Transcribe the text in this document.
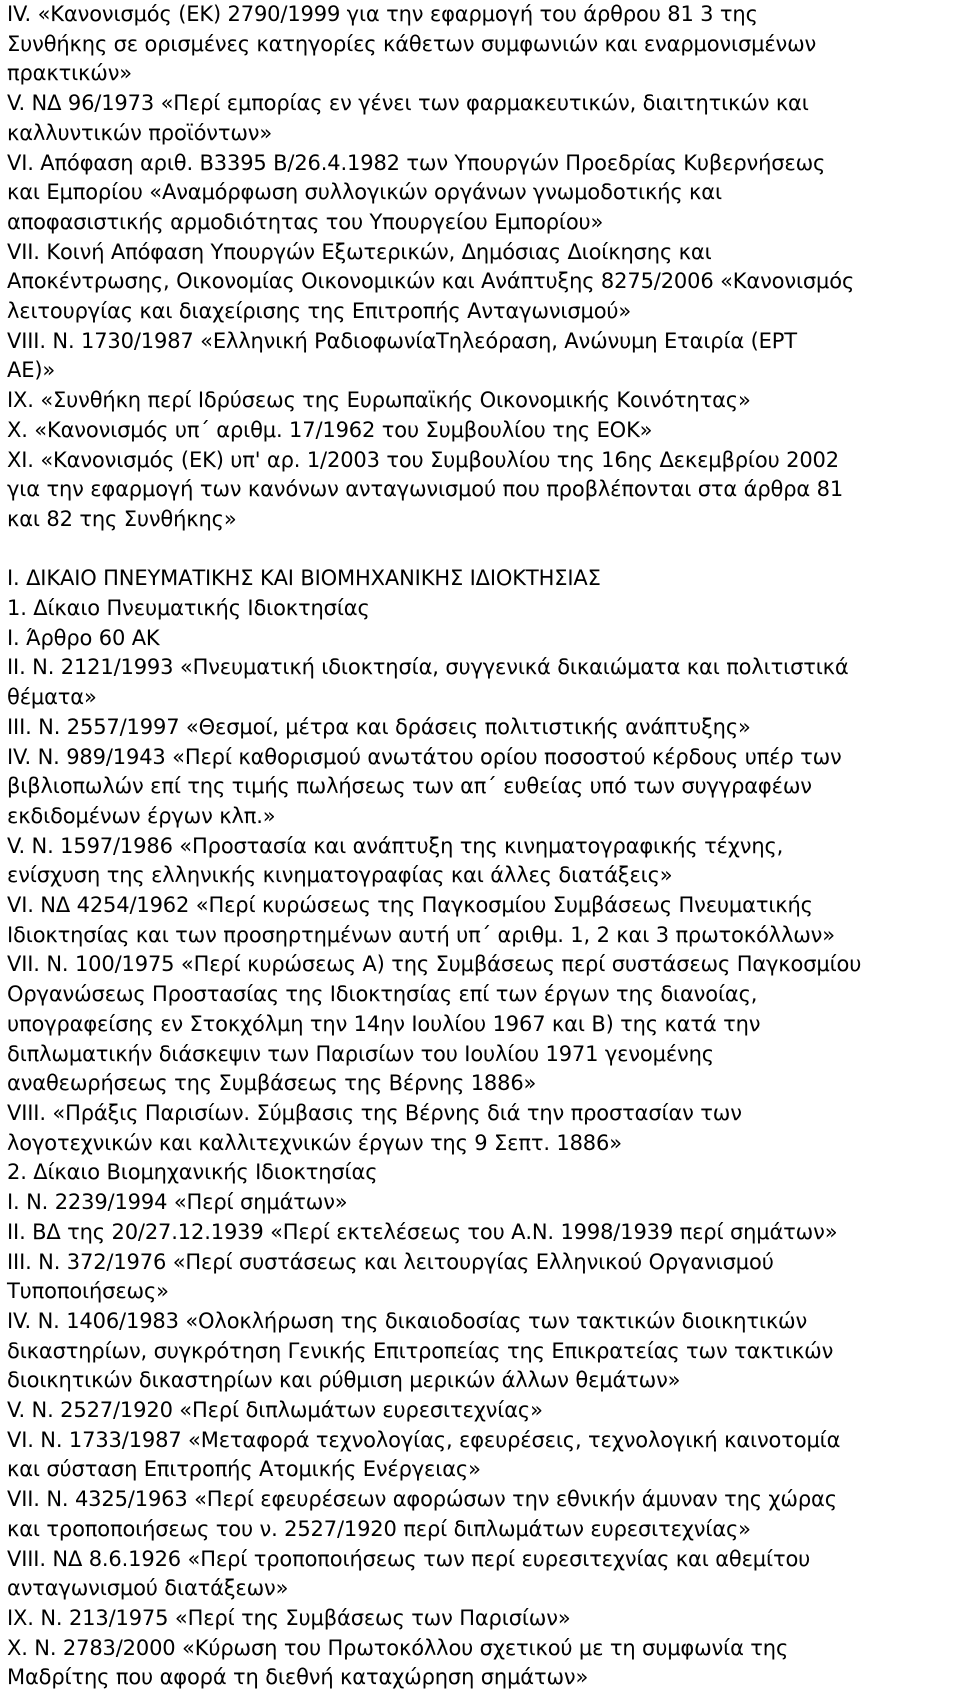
IV. «Κανονισμός (ΕΚ) 2790/1999 για την εφαρμογή του άρθρου 81 3 της
Συνθήκης σε ορισμένες κατηγορίες κάθετων συμφωνιών και εναρμονισμένων
πρακτικών»
V. ΝΔ 96/1973 «Περί εμπορίας εν γένει των φαρμακευτικών, διαιτητικών και
καλλυντικών προϊόντων»
VI. Απόφαση αριθ. Β3395 Β/26.4.1982 των Υπουργών Προεδρίας Κυβερνήσεως
και Εμπορίου «Αναμόρφωση συλλογικών οργάνων γνωμοδοτικής και
αποφασιστικής αρμοδιότητας του Υπουργείου Εμπορίου»
VII. Κοινή Απόφαση Υπουργών Εξωτερικών, Δημόσιας Διοίκησης και
Αποκέντρωσης, Οικονομίας Οικονομικών και Ανάπτυξης 8275/2006 «Κανονισμός
λειτουργίας και διαχείρισης της Επιτροπής Ανταγωνισμού»
VIII. Ν. 1730/1987 «Ελληνική ΡαδιοφωνίαΤηλεόραση, Ανώνυμη Εταιρία (ΕΡΤ
ΑΕ)»
IX. «Συνθήκη περί Ιδρύσεως της Ευρωπαϊκής Οικονομικής Κοινότητας»
X. «Κανονισμός υπ΄ αριθμ. 17/1962 του Συμβουλίου της ΕΟΚ»
XI. «Κανονισμός (ΕΚ) υπ' αρ. 1/2003 του Συμβουλίου της 16ης Δεκεμβρίου 2002
για την εφαρμογή των κανόνων ανταγωνισμού που προβλέπονται στα άρθρα 81
και 82 της Συνθήκης»
I. ΔΙΚΑΙΟ ΠΝΕΥΜΑΤΙΚΗΣ ΚΑΙ ΒΙΟΜΗΧΑΝΙΚΗΣ ΙΔΙΟΚΤΗΣΙΑΣ
1. Δίκαιο Πνευματικής Ιδιοκτησίας
I. Άρθρο 60 ΑΚ
II. Ν. 2121/1993 «Πνευματική ιδιοκτησία, συγγενικά δικαιώματα και πολιτιστικά
θέματα»
III. Ν. 2557/1997 «Θεσμοί, μέτρα και δράσεις πολιτιστικής ανάπτυξης»
IV. Ν. 989/1943 «Περί καθορισμού ανωτάτου ορίου ποσοστού κέρδους υπέρ των
βιβλιοπωλών επί της τιμής πωλήσεως των απ΄ ευθείας υπό των συγγραφέων
εκδιδομένων έργων κλπ.»
V. Ν. 1597/1986 «Προστασία και ανάπτυξη της κινηματογραφικής τέχνης,
ενίσχυση της ελληνικής κινηματογραφίας και άλλες διατάξεις»
VI. ΝΔ 4254/1962 «Περί κυρώσεως της Παγκοσμίου Συμβάσεως Πνευματικής
Ιδιοκτησίας και των προσηρτημένων αυτή υπ΄ αριθμ. 1, 2 και 3 πρωτοκόλλων»
VII. Ν. 100/1975 «Περί κυρώσεως Α) της Συμβάσεως περί συστάσεως Παγκοσμίου
Οργανώσεως Προστασίας της Ιδιοκτησίας επί των έργων της διανοίας,
υπογραφείσης εν Στοκχόλμη την 14ην Ιουλίου 1967 και Β) της κατά την
διπλωματικήν διάσκεψιν των Παρισίων του Ιουλίου 1971 γενομένης
αναθεωρήσεως της Συμβάσεως της Βέρνης 1886»
VIII. «Πράξις Παρισίων. Σύμβασις της Βέρνης διά την προστασίαν των
λογοτεχνικών και καλλιτεχνικών έργων της 9 Σεπτ. 1886»
2. Δίκαιο Βιομηχανικής Ιδιοκτησίας
I. Ν. 2239/1994 «Περί σημάτων»
II. ΒΔ της 20/27.12.1939 «Περί εκτελέσεως του Α.Ν. 1998/1939 περί σημάτων»
III. Ν. 372/1976 «Περί συστάσεως και λειτουργίας Ελληνικού Οργανισμού
Τυποποιήσεως»
IV. Ν. 1406/1983 «Ολοκλήρωση της δικαιοδοσίας των τακτικών διοικητικών
δικαστηρίων, συγκρότηση Γενικής Επιτροπείας της Επικρατείας των τακτικών
διοικητικών δικαστηρίων και ρύθμιση μερικών άλλων θεμάτων»
V. Ν. 2527/1920 «Περί διπλωμάτων ευρεσιτεχνίας»
VI. Ν. 1733/1987 «Μεταφορά τεχνολογίας, εφευρέσεις, τεχνολογική καινοτομία
και σύσταση Επιτροπής Ατομικής Ενέργειας»
VII. Ν. 4325/1963 «Περί εφευρέσεων αφορώσων την εθνικήν άμυναν της χώρας
και τροποποιήσεως του ν. 2527/1920 περί διπλωμάτων ευρεσιτεχνίας»
VIII. ΝΔ 8.6.1926 «Περί τροποποιήσεως των περί ευρεσιτεχνίας και αθεμίτου
ανταγωνισμού διατάξεων»
IX. Ν. 213/1975 «Περί της Συμβάσεως των Παρισίων»
X. Ν. 2783/2000 «Κύρωση του Πρωτοκόλλου σχετικού με τη συμφωνία της
Μαδρίτης που αφορά τη διεθνή καταχώρηση σημάτων»
